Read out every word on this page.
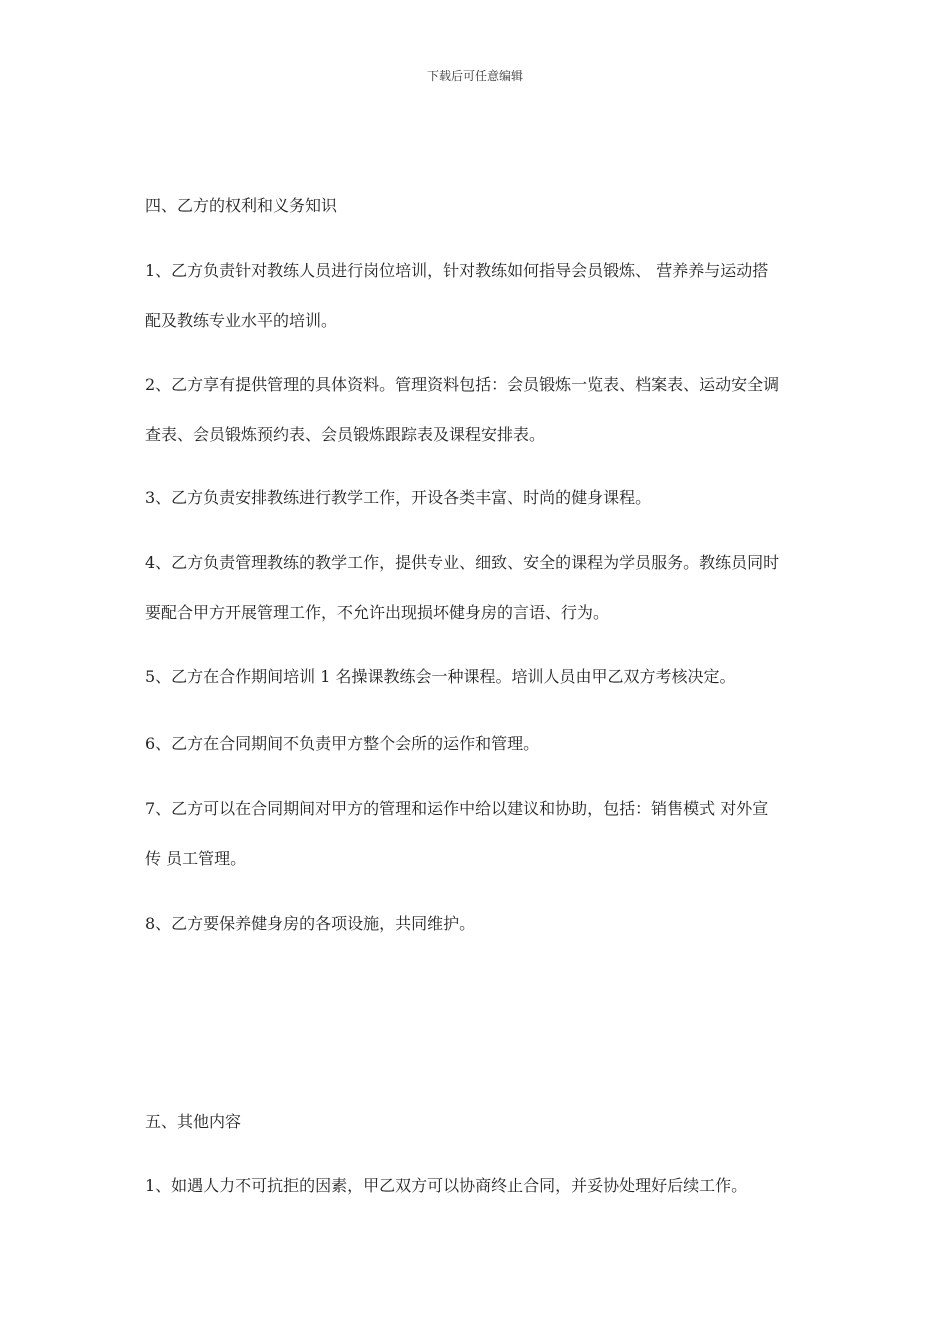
下载后可任意编辑
四、乙方的权利和义务知识
1、乙方负责针对教练人员进行岗位培训，针对教练如何指导会员锻炼、 营养养与运动搭
配及教练专业水平的培训。
2、乙方享有提供管理的具体资料。管理资料包括：会员锻炼一览表、档案表、运动安全调
查表、会员锻炼预约表、会员锻炼跟踪表及课程安排表。
3、乙方负责安排教练进行教学工作，开设各类丰富、时尚的健身课程。
4、乙方负责管理教练的教学工作，提供专业、细致、安全的课程为学员服务。教练员同时
要配合甲方开展管理工作，不允许出现损坏健身房的言语、行为。
5、乙方在合作期间培训 1 名操课教练会一种课程。培训人员由甲乙双方考核决定。
6、乙方在合同期间不负责甲方整个会所的运作和管理。
7、乙方可以在合同期间对甲方的管理和运作中给以建议和协助，包括：销售模式 对外宣
传 员工管理。
8、乙方要保养健身房的各项设施，共同维护。
五、其他内容
1、如遇人力不可抗拒的因素，甲乙双方可以协商终止合同，并妥协处理好后续工作。
